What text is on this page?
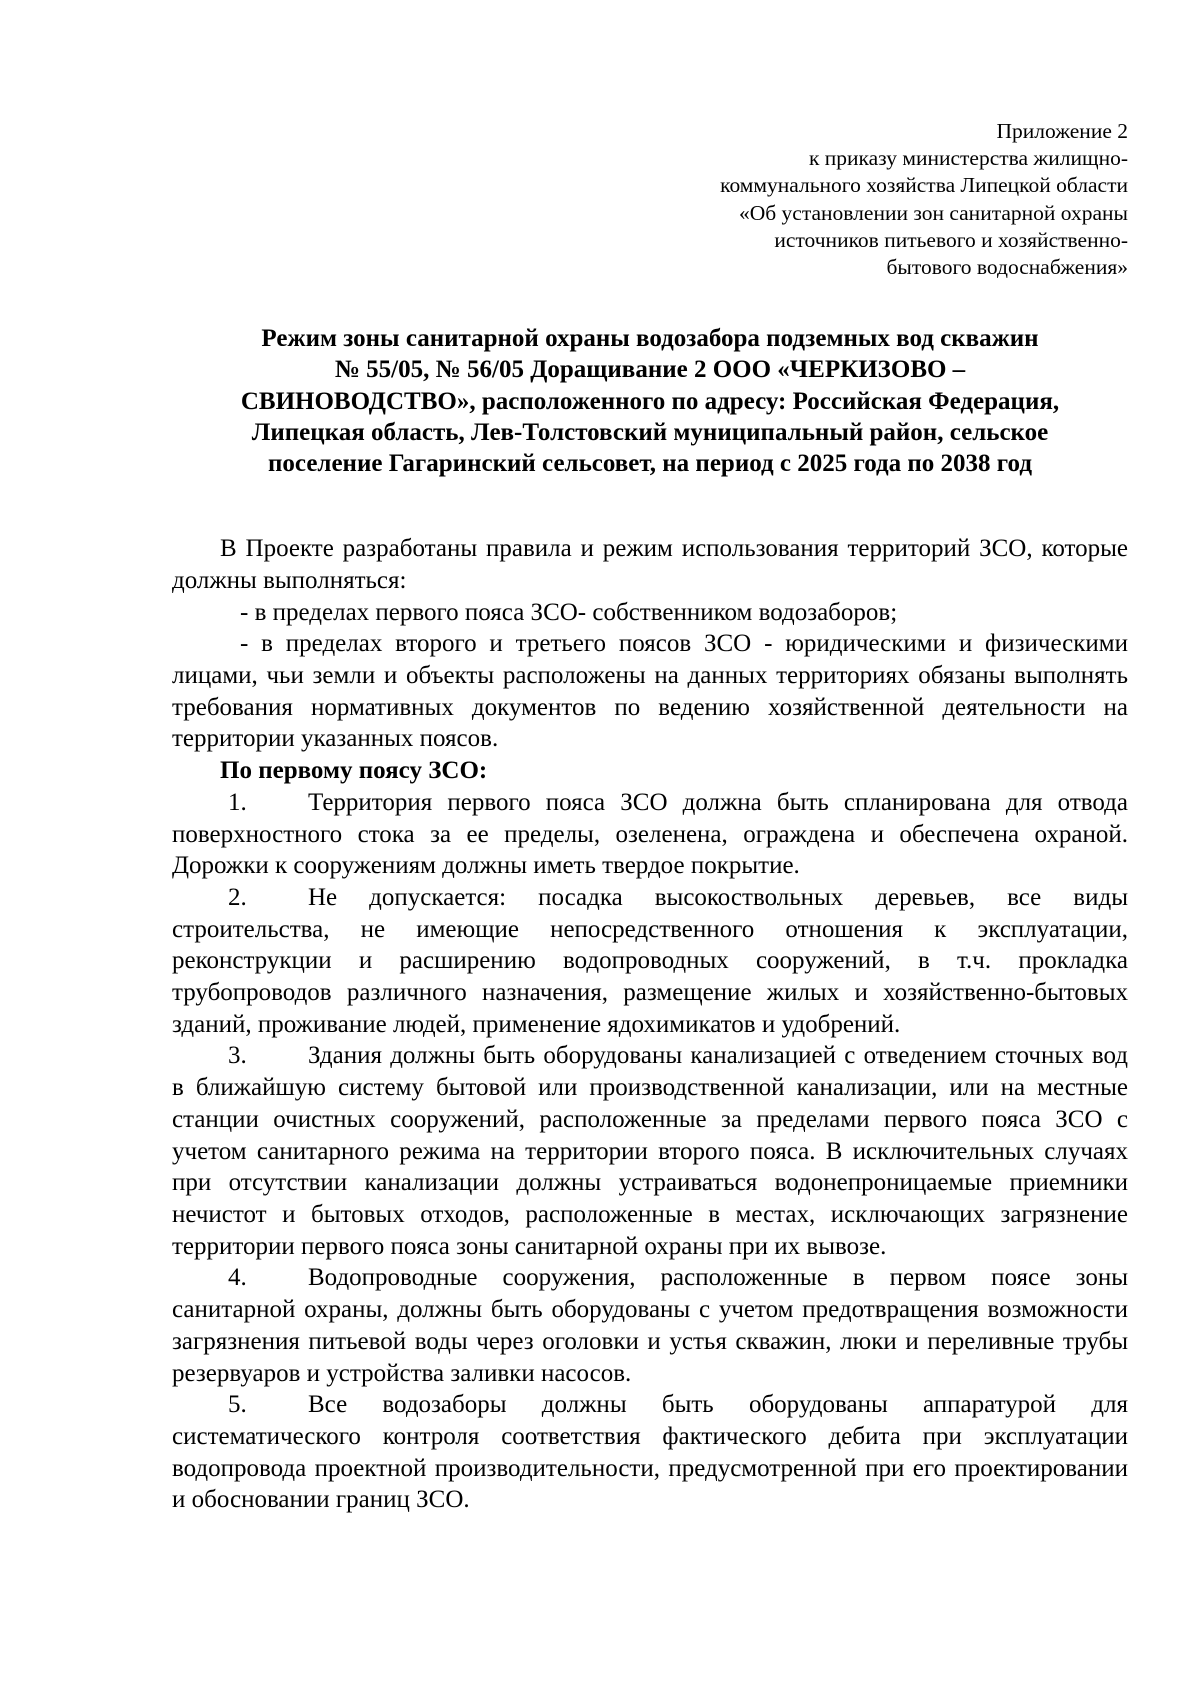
Приложение 2
к приказу министерства жилищно-
коммунального хозяйства Липецкой области
«Об установлении зон санитарной охраны
источников питьевого и хозяйственно-
бытового водоснабжения»
Режим зоны санитарной охраны водозабора подземных вод скважин
№ 55/05, № 56/05 Доращивание 2 ООО «ЧЕРКИЗОВО –
СВИНОВОДСТВО», расположенного по адресу: Российская Федерация,
Липецкая область, Лев-Толстовский муниципальный район, сельское
поселение Гагаринский сельсовет, на период с 2025 года по 2038 год

В Проекте разработаны правила и режим использования территорий ЗСО, которые должны выполняться:

- в пределах первого пояса ЗСО- собственником водозаборов;

- в пределах второго и третьего поясов ЗСО - юридическими и физическими лицами, чьи земли и объекты расположены на данных территориях обязаны выполнять требования нормативных документов по ведению хозяйственной деятельности на территории указанных поясов.

По первому поясу ЗСО:

1. Территория первого пояса ЗСО должна быть спланирована для отвода поверхностного стока за ее пределы, озеленена, ограждена и обеспечена охраной. Дорожки к сооружениям должны иметь твердое покрытие.

2. Не допускается: посадка высокоствольных деревьев, все виды строительства, не имеющие непосредственного отношения к эксплуатации, реконструкции и расширению водопроводных сооружений, в т.ч. прокладка трубопроводов различного назначения, размещение жилых и хозяйственно-бытовых зданий, проживание людей, применение ядохимикатов и удобрений.

3. Здания должны быть оборудованы канализацией с отведением сточных вод в ближайшую систему бытовой или производственной канализации, или на местные станции очистных сооружений, расположенные за пределами первого пояса ЗСО с учетом санитарного режима на территории второго пояса. В исключительных случаях при отсутствии канализации должны устраиваться водонепроницаемые приемники нечистот и бытовых отходов, расположенные в местах, исключающих загрязнение территории первого пояса зоны санитарной охраны при их вывозе.

4. Водопроводные сооружения, расположенные в первом поясе зоны санитарной охраны, должны быть оборудованы с учетом предотвращения возможности загрязнения питьевой воды через оголовки и устья скважин, люки и переливные трубы резервуаров и устройства заливки насосов.

5. Все водозаборы должны быть оборудованы аппаратурой для систематического контроля соответствия фактического дебита при эксплуатации водопровода проектной производительности, предусмотренной при его проектировании и обосновании границ ЗСО.
